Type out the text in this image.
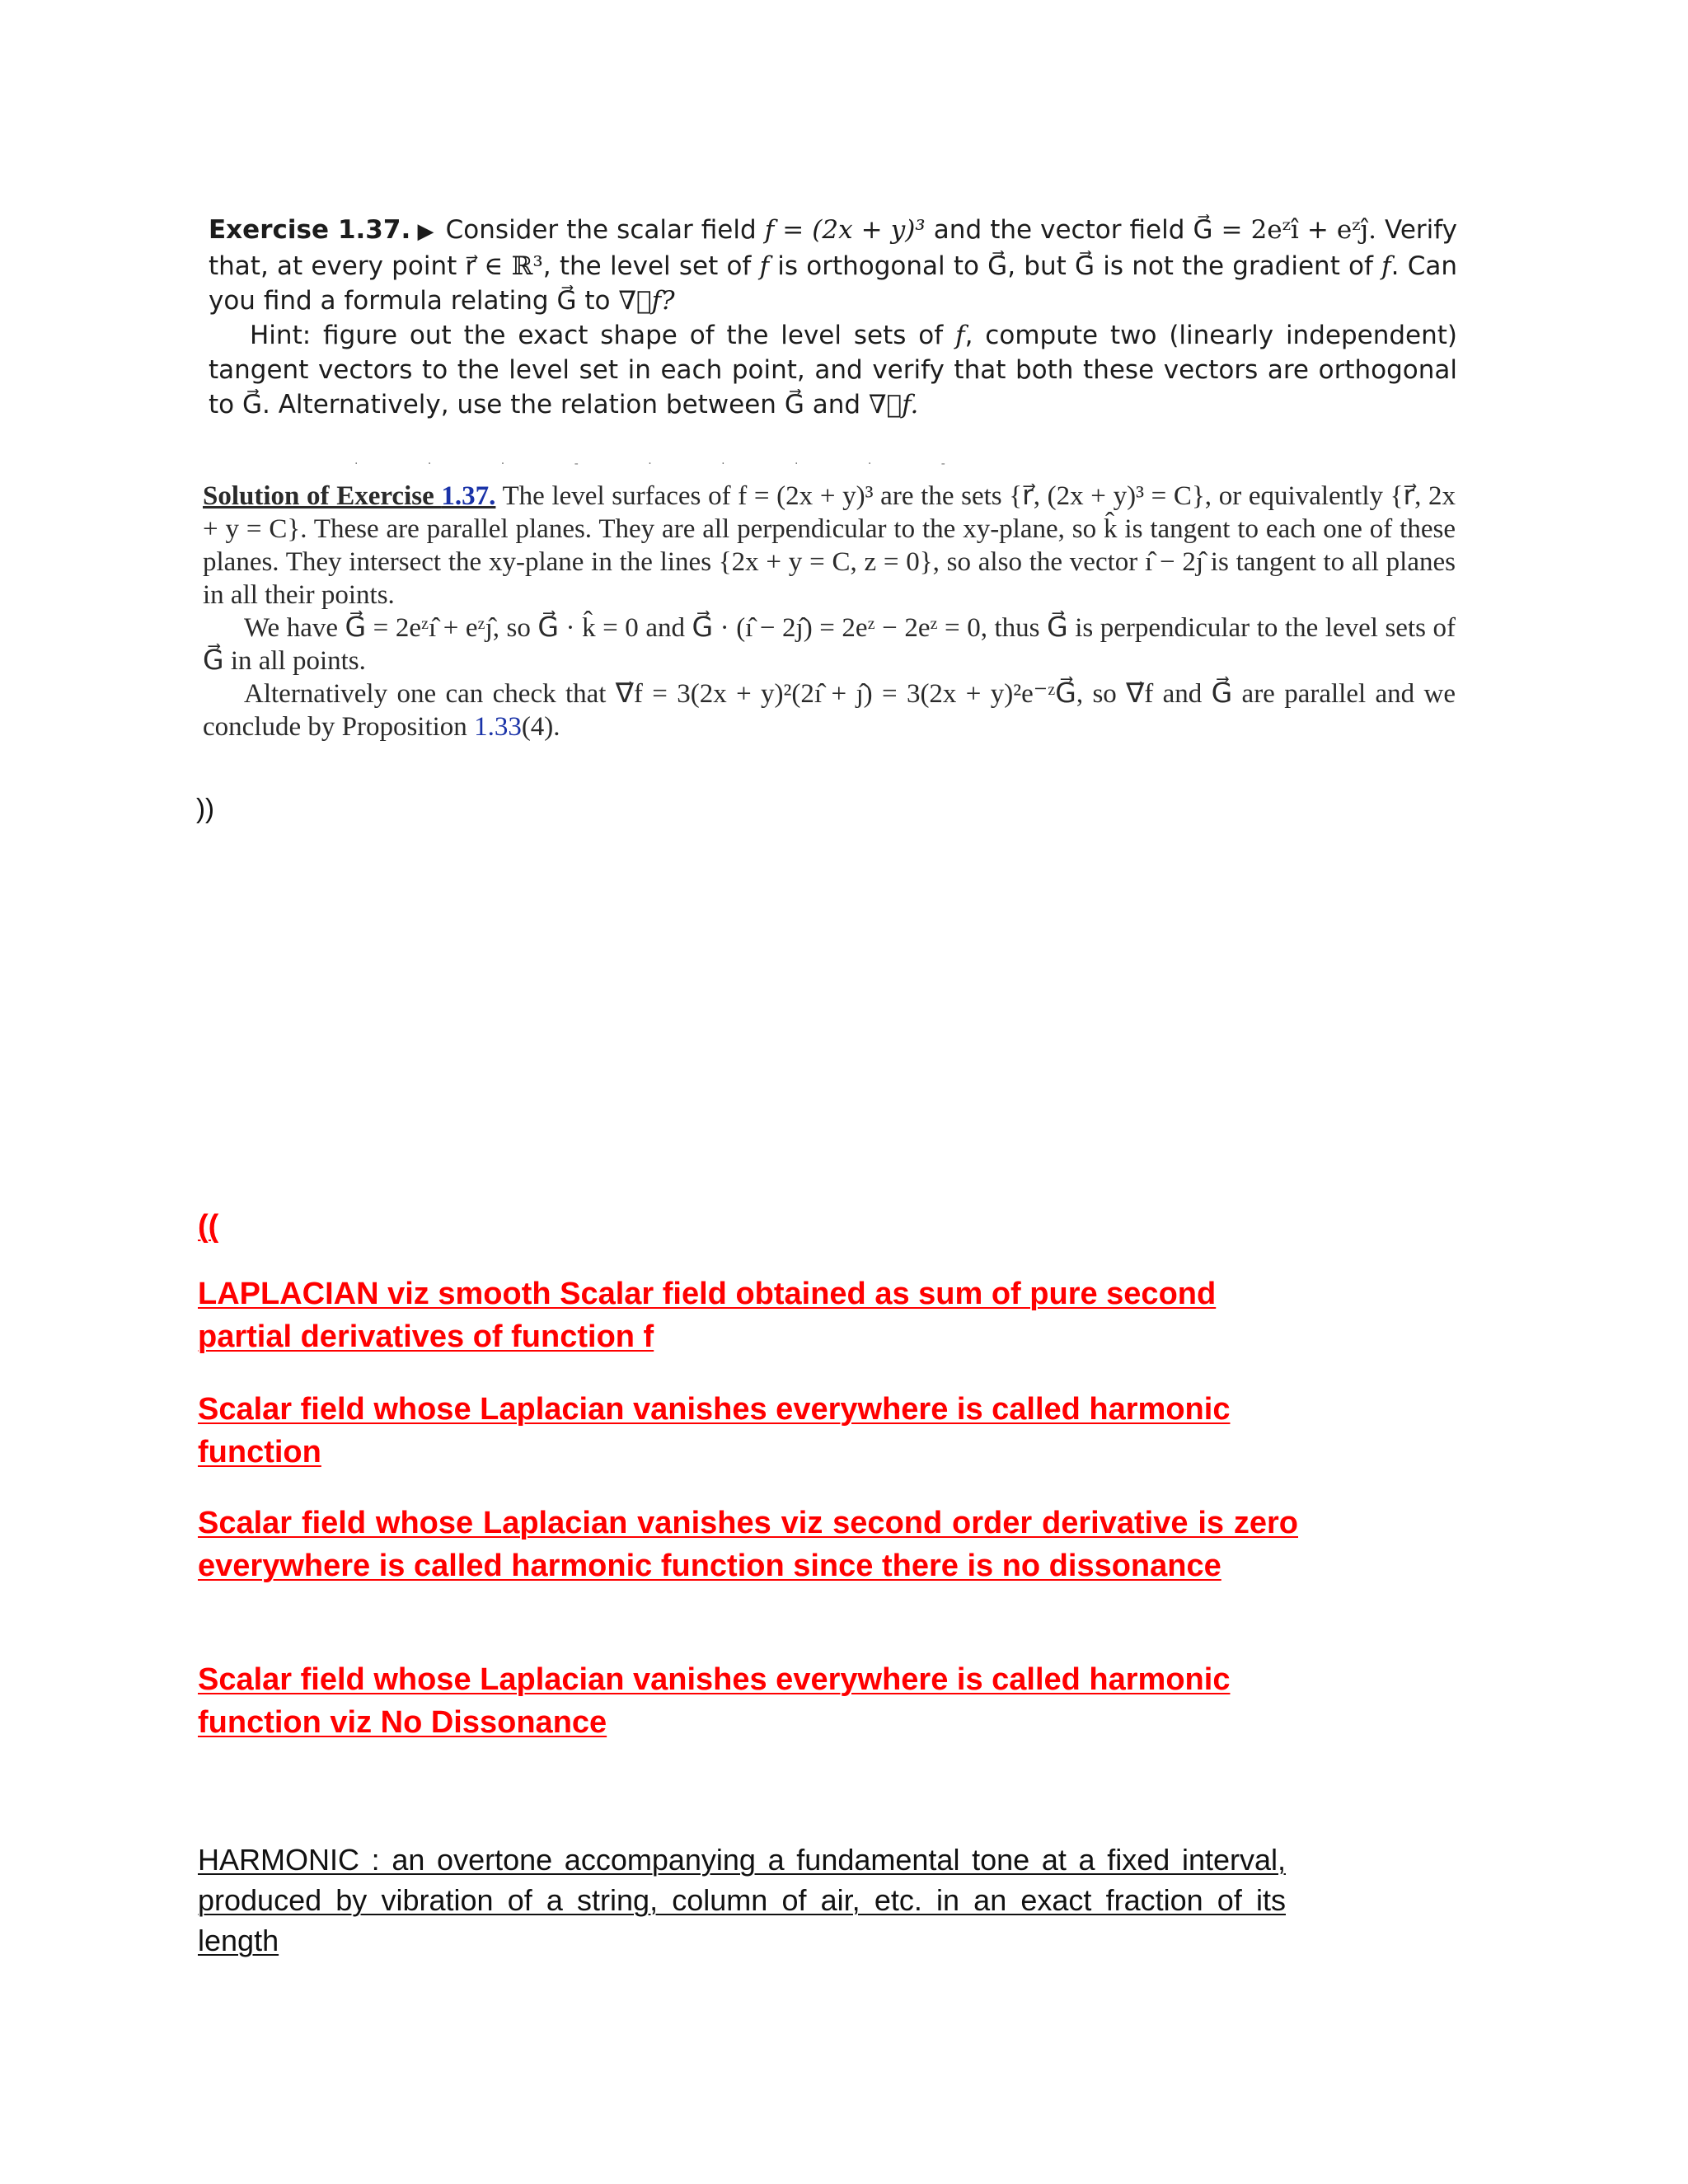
Exercise 1.37. ▶ Consider the scalar field f = (2x + y)³ and the vector field G⃗ = 2eᶻı̂ + eᶻȷ̂. Verify that, at every point r⃗ ∈ ℝ³, the level set of f is orthogonal to G⃗, but G⃗ is not the gradient of f. Can you find a formula relating G⃗ to ∇⃗f?

Hint: figure out the exact shape of the level sets of f, compute two (linearly independent) tangent vectors to the level set in each point, and verify that both these vectors are orthogonal to G⃗. Alternatively, use the relation between G⃗ and ∇⃗f.

· · · - · · · · -

Solution of Exercise 1.37. The level surfaces of f = (2x + y)³ are the sets {r⃗, (2x + y)³ = C}, or equivalently {r⃗, 2x + y = C}. These are parallel planes. They are all perpendicular to the xy-plane, so k̂ is tangent to each one of these planes. They intersect the xy-plane in the lines {2x + y = C, z = 0}, so also the vector ı̂ − 2ȷ̂ is tangent to all planes in all their points.

We have G⃗ = 2eᶻı̂ + eᶻȷ̂, so G⃗ · k̂ = 0 and G⃗ · (ı̂ − 2ȷ̂) = 2eᶻ − 2eᶻ = 0, thus G⃗ is perpendicular to the level sets of G⃗ in all points.

Alternatively one can check that ∇⃗f = 3(2x + y)²(2ı̂ + ȷ̂) = 3(2x + y)²e⁻ᶻG⃗, so ∇⃗f and G⃗ are parallel and we conclude by Proposition 1.33(4).

))
((
LAPLACIAN viz smooth Scalar field obtained as sum of pure second partial derivatives of function f
Scalar field whose Laplacian vanishes everywhere is called harmonic function
Scalar field whose Laplacian vanishes viz second order derivative is zero everywhere is called harmonic function since there is no dissonance
Scalar field whose Laplacian vanishes everywhere is called harmonic function viz No Dissonance
HARMONIC : an overtone accompanying a fundamental tone at a fixed interval, produced by vibration of a string, column of air, etc. in an exact fraction of its length
